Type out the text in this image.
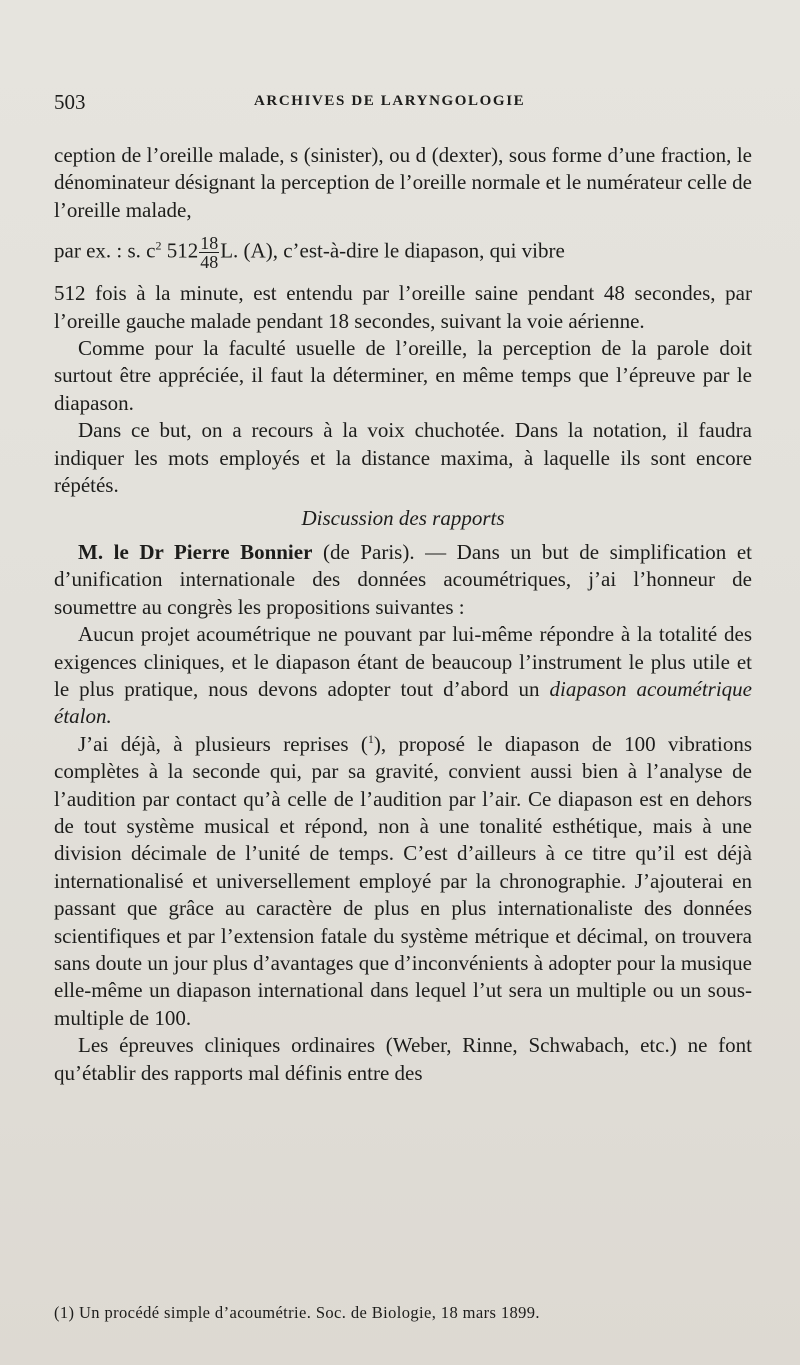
503	ARCHIVES DE LARYNGOLOGIE

ception de l’oreille malade, s (sinister), ou d (dexter), sous forme d’une fraction, le dénominateur désignant la perception de l’oreille normale et le numérateur celle de l’oreille malade,

par ex. : s. $c^2$ $512 \frac{18}{48} L$. (A), c’est-à-dire le diapason, qui vibre

512 fois à la minute, est entendu par l’oreille saine pendant 48 secondes, par l’oreille gauche malade pendant 18 secondes, suivant la voie aérienne.

Comme pour la faculté usuelle de l’oreille, la perception de la parole doit surtout être appréciée, il faut la déterminer, en même temps que l’épreuve par le diapason.

Dans ce but, on a recours à la voix chuchotée. Dans la notation, il faudra indiquer les mots employés et la distance maxima, à laquelle ils sont encore répétés.

Discussion des rapports

M. le Dr Pierre Bonnier (de Paris). — Dans un but de simplification et d’unification internationale des données acoumétriques, j’ai l’honneur de soumettre au congrès les propositions suivantes :

Aucun projet acoumétrique ne pouvant par lui-même répondre à la totalité des exigences cliniques, et le diapason étant de beaucoup l’instrument le plus utile et le plus pratique, nous devons adopter tout d’abord un diapason acoumétrique étalon.

J’ai déjà, à plusieurs reprises ($^1$), proposé le diapason de 100 vibrations complètes à la seconde qui, par sa gravité, convient aussi bien à l’analyse de l’audition par contact qu’à celle de l’audition par l’air. Ce diapason est en dehors de tout système musical et répond, non à une tonalité esthétique, mais à une division décimale de l’unité de temps. C’est d’ailleurs à ce titre qu’il est déjà internationalisé et universellement employé par la chronographie. J’ajouterai en passant que grâce au caractère de plus en plus internationaliste des données scientifiques et par l’extension fatale du système métrique et décimal, on trouvera sans doute un jour plus d’avantages que d’inconvénients à adopter pour la musique elle-même un diapason international dans lequel l’ut sera un multiple ou un sous-multiple de 100.

Les épreuves cliniques ordinaires (Weber, Rinne, Schwabach, etc.) ne font qu’établir des rapports mal définis entre des

(1) Un procédé simple d’acoumétrie. Soc. de Biologie, 18 mars 1899.
